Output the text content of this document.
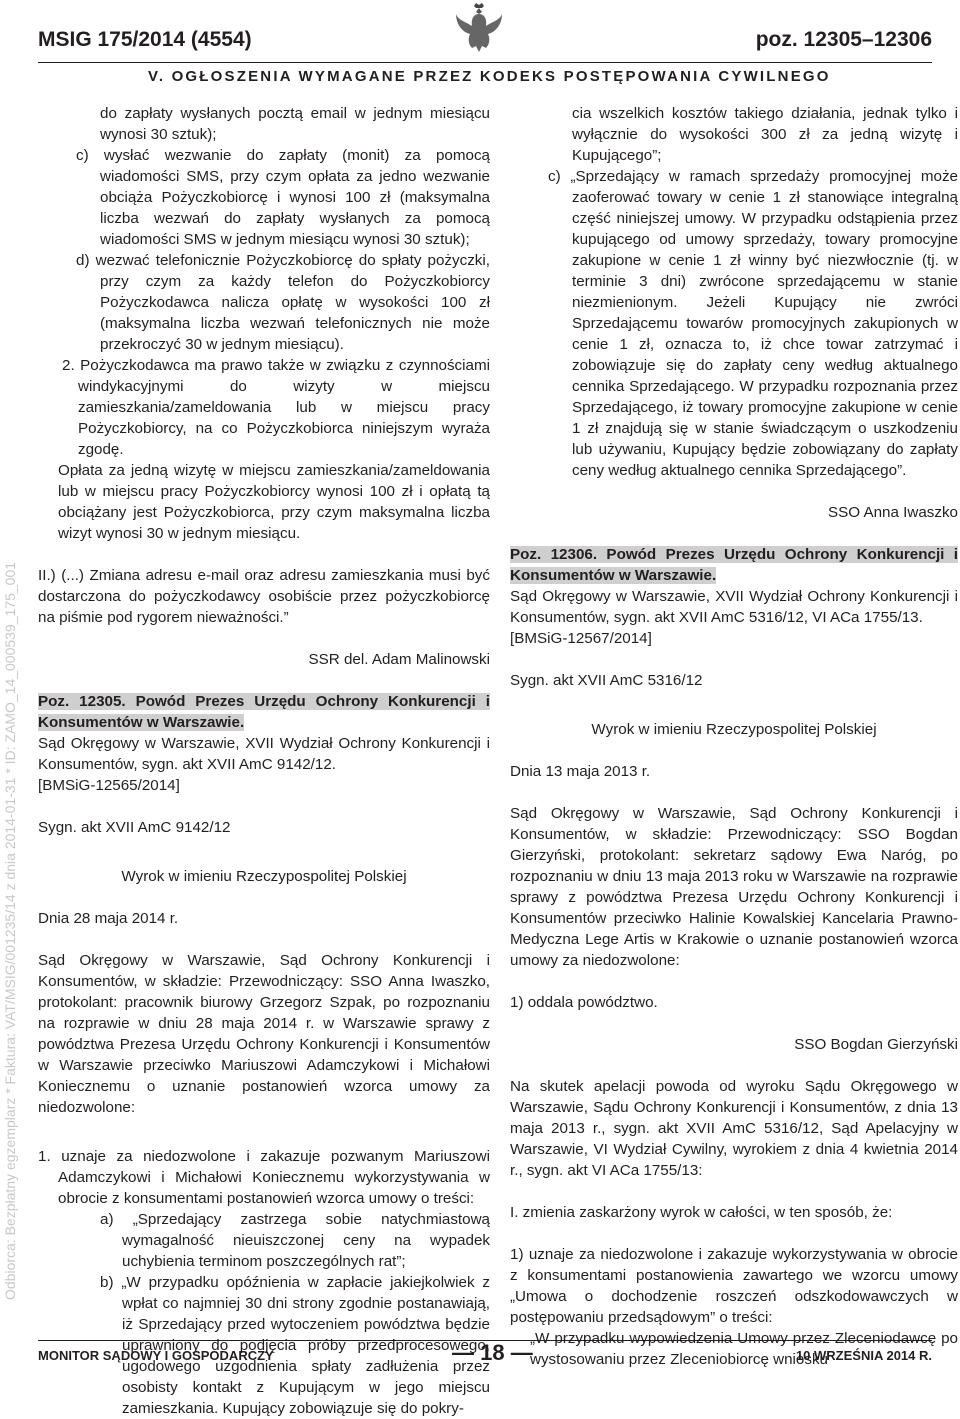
MSIG 175/2014 (4554)	poz. 12305–12306
V. OGŁOSZENIA WYMAGANE PRZEZ KODEKS POSTĘPOWANIA CYWILNEGO
Odbiorca: Bezpłatny egzemplarz * Faktura: VAT/MSIG/001235/14 z dnia 2014-01-31 * ID: ZAMO_14_000539_175_001

do zapłaty wysłanych pocztą email w jednym miesiącu wynosi 30 sztuk);

c) wysłać wezwanie do zapłaty (monit) za pomocą wiadomości SMS, przy czym opłata za jedno wezwanie obciąża Pożyczkobiorcę i wynosi 100 zł (maksymalna liczba wezwań do zapłaty wysłanych za pomocą wiadomości SMS w jednym miesiącu wynosi 30 sztuk);

d) wezwać telefonicznie Pożyczkobiorcę do spłaty pożyczki, przy czym za każdy telefon do Pożyczkobiorcy Pożyczkodawca nalicza opłatę w wysokości 100 zł (maksymalna liczba wezwań telefonicznych nie może przekroczyć 30 w jednym miesiącu).

2. Pożyczkodawca ma prawo także w związku z czynnościami windykacyjnymi do wizyty w miejscu zamieszkania/zameldowania lub w miejscu pracy Pożyczkobiorcy, na co Pożyczkobiorca niniejszym wyraża zgodę.

Opłata za jedną wizytę w miejscu zamieszkania/zameldowania lub w miejscu pracy Pożyczkobiorcy wynosi 100 zł i opłatą tą obciążany jest Pożyczkobiorca, przy czym maksymalna liczba wizyt wynosi 30 w jednym miesiącu.

II.) (...) Zmiana adresu e-mail oraz adresu zamieszkania musi być dostarczona do pożyczkodawcy osobiście przez pożyczkobiorcę na piśmie pod rygorem nieważności.”

SSR del. Adam Malinowski

Poz. 12305. Powód Prezes Urzędu Ochrony Konkurencji i Konsumentów w Warszawie.

Sąd Okręgowy w Warszawie, XVII Wydział Ochrony Konkurencji i Konsumentów, sygn. akt XVII AmC 9142/12.

[BMSiG-12565/2014]

Sygn. akt XVII AmC 9142/12

Wyrok w imieniu Rzeczypospolitej Polskiej

Dnia 28 maja 2014 r.

Sąd Okręgowy w Warszawie, Sąd Ochrony Konkurencji i Konsumentów, w składzie: Przewodniczący: SSO Anna Iwaszko, protokolant: pracownik biurowy Grzegorz Szpak, po rozpoznaniu na rozprawie w dniu 28 maja 2014 r. w Warszawie sprawy z powództwa Prezesa Urzędu Ochrony Konkurencji i Konsumentów w Warszawie przeciwko Mariuszowi Adamczykowi i Michałowi Koniecznemu o uznanie postanowień wzorca umowy za niedozwolone:

1. uznaje za niedozwolone i zakazuje pozwanym Mariuszowi Adamczykowi i Michałowi Koniecznemu wykorzystywania w obrocie z konsumentami postanowień wzorca umowy o treści:

a) „Sprzedający zastrzega sobie natychmiastową wymagalność nieuiszczonej ceny na wypadek uchybienia terminom poszczególnych rat”;

b) „W przypadku opóźnienia w zapłacie jakiejkolwiek z wpłat co najmniej 30 dni strony zgodnie postanawiają, iż Sprzedający przed wytoczeniem powództwa będzie uprawniony do podjęcia próby przedprocesowego, ugodowego uzgodnienia spłaty zadłużenia przez osobisty kontakt z Kupującym w jego miejscu zamieszkania. Kupujący zobowiązuje się do pokry-

cia wszelkich kosztów takiego działania, jednak tylko i wyłącznie do wysokości 300 zł za jedną wizytę i Kupującego”;

c) „Sprzedający w ramach sprzedaży promocyjnej może zaoferować towary w cenie 1 zł stanowiące integralną część niniejszej umowy. W przypadku odstąpienia przez kupującego od umowy sprzedaży, towary promocyjne zakupione w cenie 1 zł winny być niezwłocznie (tj. w terminie 3 dni) zwrócone sprzedającemu w stanie niezmienionym. Jeżeli Kupujący nie zwróci Sprzedającemu towarów promocyjnych zakupionych w cenie 1 zł, oznacza to, iż chce towar zatrzymać i zobowiązuje się do zapłaty ceny według aktualnego cennika Sprzedającego. W przypadku rozpoznania przez Sprzedającego, iż towary promocyjne zakupione w cenie 1 zł znajdują się w stanie świadczącym o uszkodzeniu lub używaniu, Kupujący będzie zobowiązany do zapłaty ceny według aktualnego cennika Sprzedającego”.

SSO Anna Iwaszko

Poz. 12306. Powód Prezes Urzędu Ochrony Konkurencji i Konsumentów w Warszawie.

Sąd Okręgowy w Warszawie, XVII Wydział Ochrony Konkurencji i Konsumentów, sygn. akt XVII AmC 5316/12, VI ACa 1755/13.

[BMSiG-12567/2014]

Sygn. akt XVII AmC 5316/12

Wyrok w imieniu Rzeczypospolitej Polskiej

Dnia 13 maja 2013 r.

Sąd Okręgowy w Warszawie, Sąd Ochrony Konkurencji i Konsumentów, w składzie: Przewodniczący: SSO Bogdan Gierzyński, protokolant: sekretarz sądowy Ewa Naróg, po rozpoznaniu w dniu 13 maja 2013 roku w Warszawie na rozprawie sprawy z powództwa Prezesa Urzędu Ochrony Konkurencji i Konsumentów przeciwko Halinie Kowalskiej Kancelaria Prawno-Medyczna Lege Artis w Krakowie o uznanie postanowień wzorca umowy za niedozwolone:

1) oddala powództwo.

SSO Bogdan Gierzyński

Na skutek apelacji powoda od wyroku Sądu Okręgowego w Warszawie, Sądu Ochrony Konkurencji i Konsumentów, z dnia 13 maja 2013 r., sygn. akt XVII AmC 5316/12, Sąd Apelacyjny w Warszawie, VI Wydział Cywilny, wyrokiem z dnia 4 kwietnia 2014 r., sygn. akt VI ACa 1755/13:

I. zmienia zaskarżony wyrok w całości, w ten sposób, że:

1) uznaje za niedozwolone i zakazuje wykorzystywania w obrocie z konsumentami postanowienia zawartego we wzorcu umowy „Umowa o dochodzenie roszczeń odszkodowawczych w postępowaniu przedsądowym” o treści:

„W przypadku wypowiedzenia Umowy przez Zleceniodawcę po wystosowaniu przez Zleceniobiorcę wniosku

MONITOR SĄDOWY I GOSPODARCZY	— 18 —	10 WRZEŚNIA 2014 R.
